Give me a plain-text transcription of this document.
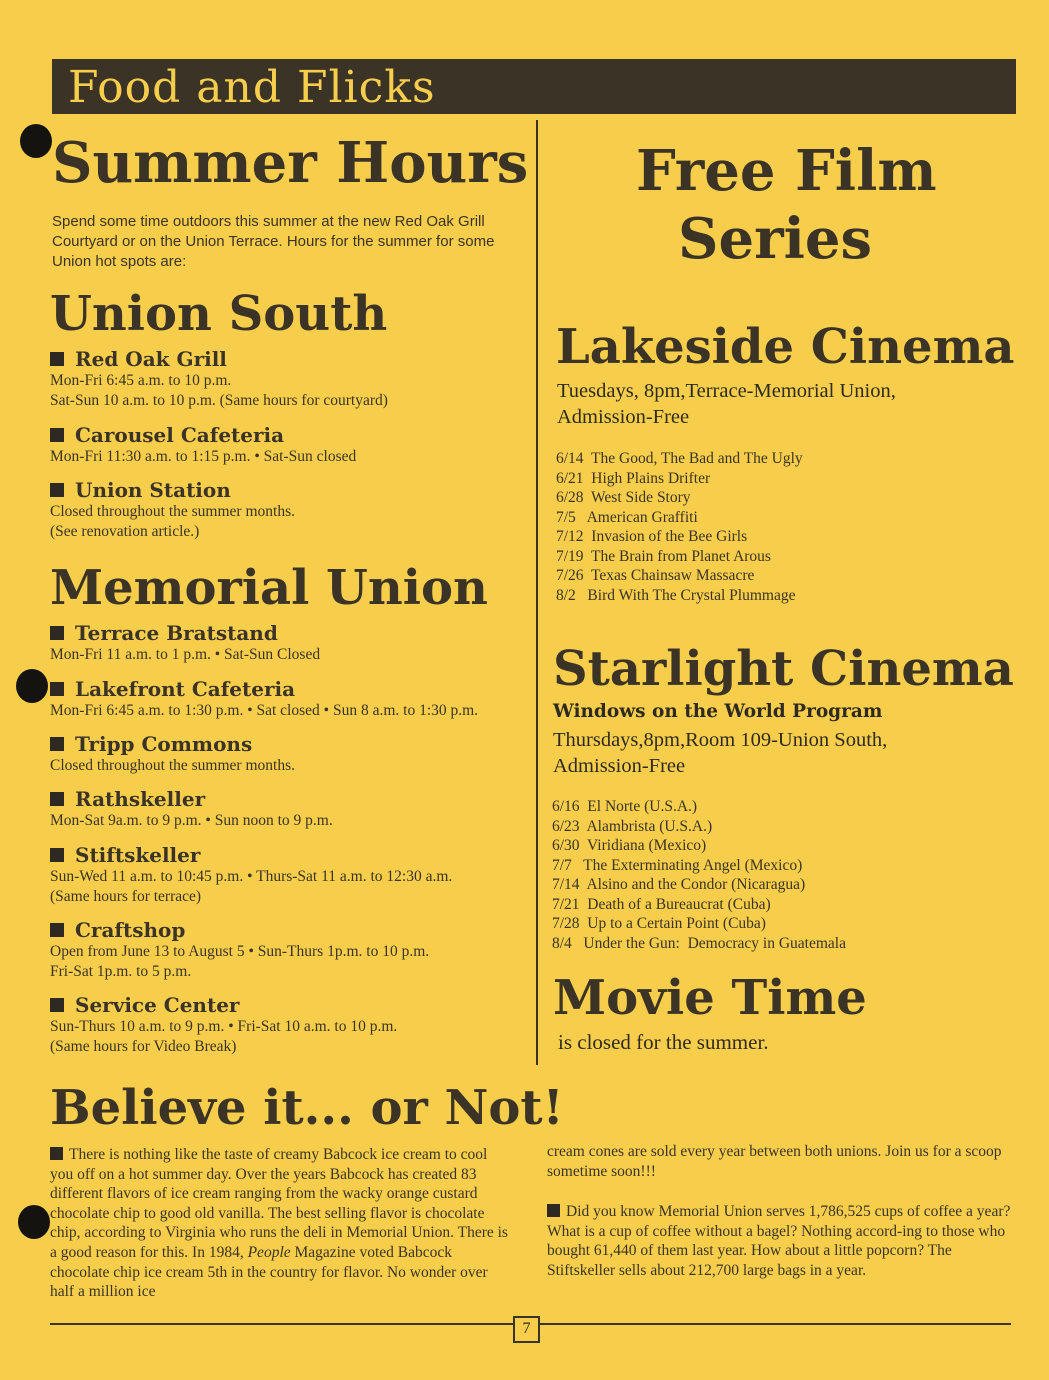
Food and Flicks
Summer Hours
Spend some time outdoors this summer at the new Red Oak Grill Courtyard or on the Union Terrace. Hours for the summer for some Union hot spots are:
Union South
Red Oak Grill
Mon-Fri 6:45 a.m. to 10 p.m.
Sat-Sun 10 a.m. to 10 p.m. (Same hours for courtyard)
Carousel Cafeteria
Mon-Fri 11:30 a.m. to 1:15 p.m. • Sat-Sun closed
Union Station
Closed throughout the summer months.
(See renovation article.)
Memorial Union
Terrace Bratstand
Mon-Fri 11 a.m. to 1 p.m. • Sat-Sun Closed
Lakefront Cafeteria
Mon-Fri 6:45 a.m. to 1:30 p.m. • Sat closed • Sun 8 a.m. to 1:30 p.m.
Tripp Commons
Closed throughout the summer months.
Rathskeller
Mon-Sat 9a.m. to 9 p.m. • Sun noon to 9 p.m.
Stiftskeller
Sun-Wed 11 a.m. to 10:45 p.m. • Thurs-Sat 11 a.m. to 12:30 a.m.
(Same hours for terrace)
Craftshop
Open from June 13 to August 5 • Sun-Thurs 1p.m. to 10 p.m.
Fri-Sat 1p.m. to 5 p.m.
Service Center
Sun-Thurs 10 a.m. to 9 p.m. • Fri-Sat 10 a.m. to 10 p.m.
(Same hours for Video Break)
Free Film
Series
Lakeside Cinema
Tuesdays, 8pm,Terrace-Memorial Union,
Admission-Free
6/14  The Good, The Bad and The Ugly
6/21  High Plains Drifter
6/28  West Side Story
7/5   American Graffiti
7/12  Invasion of the Bee Girls
7/19  The Brain from Planet Arous
7/26  Texas Chainsaw Massacre
8/2   Bird With The Crystal Plummage
Starlight Cinema
Windows on the World Program
Thursdays,8pm,Room 109-Union South,
Admission-Free
6/16  El Norte (U.S.A.)
6/23  Alambrista (U.S.A.)
6/30  Viridiana (Mexico)
7/7   The Exterminating Angel (Mexico)
7/14  Alsino and the Condor (Nicaragua)
7/21  Death of a Bureaucrat (Cuba)
7/28  Up to a Certain Point (Cuba)
8/4   Under the Gun:  Democracy in Guatemala
Movie Time
is closed for the summer.
Believe it... or Not!
There is nothing like the taste of creamy Babcock ice cream to cool you off on a hot summer day. Over the years Babcock has created 83 different flavors of ice cream ranging from the wacky orange custard chocolate chip to good old vanilla. The best selling flavor is chocolate chip, according to Virginia who runs the deli in Memorial Union. There is a good reason for this. In 1984, People Magazine voted Babcock chocolate chip ice cream 5th in the country for flavor. No wonder over half a million ice
cream cones are sold every year between both unions. Join us for a scoop sometime soon!!!
Did you know Memorial Union serves 1,786,525 cups of coffee a year? What is a cup of coffee without a bagel? Nothing accord-ing to those who bought 61,440 of them last year. How about a little popcorn? The Stiftskeller sells about 212,700 large bags in a year.
7
